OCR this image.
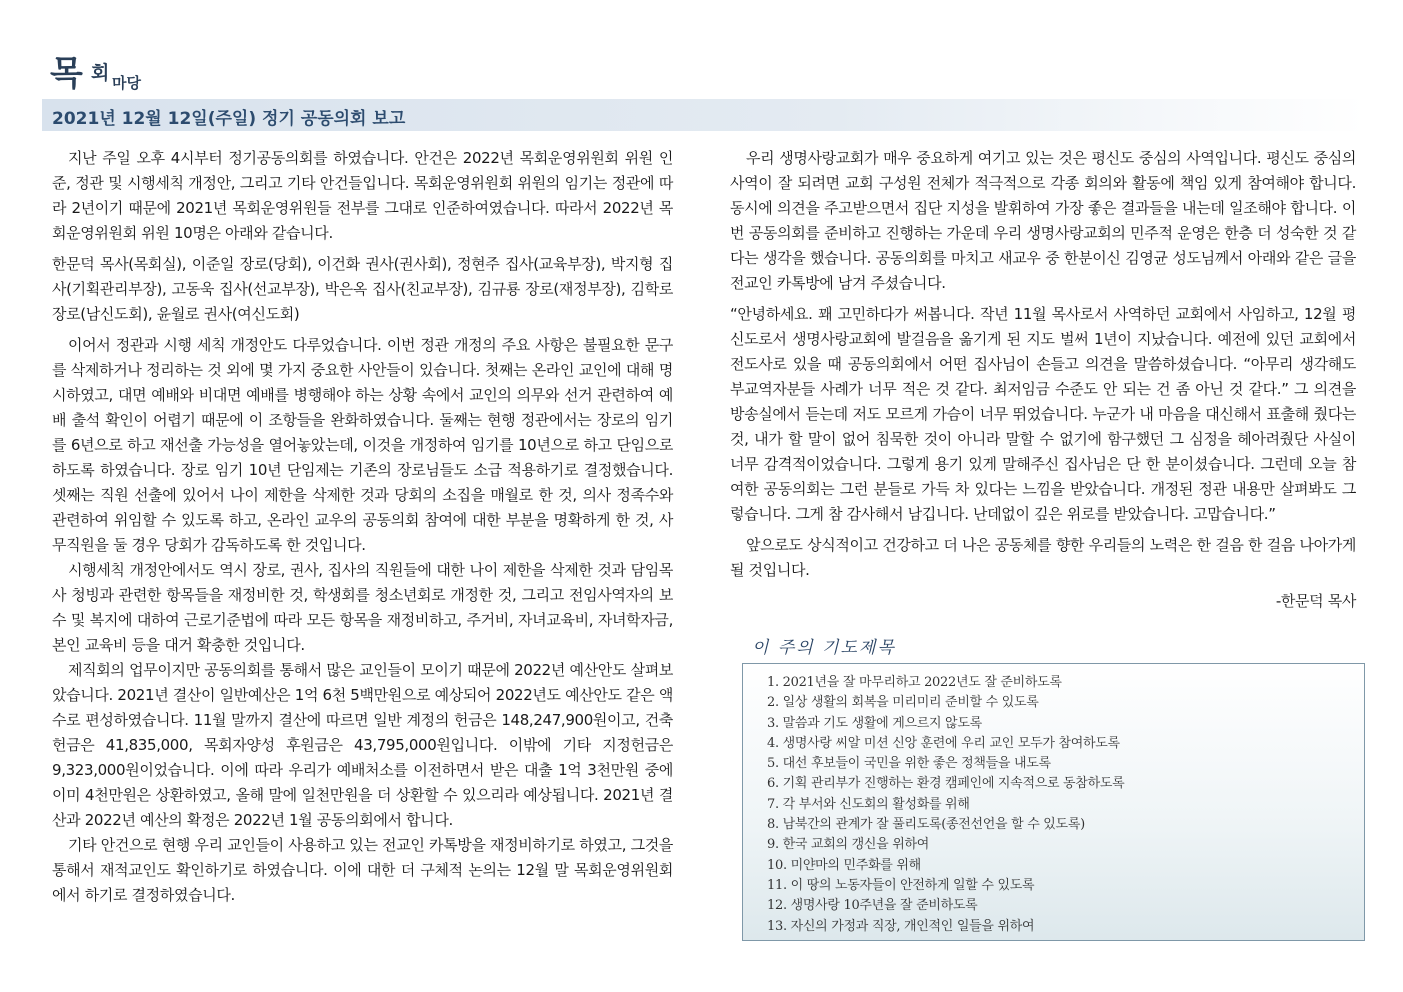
목 회 마당
2021년 12월 12일(주일) 정기 공동의회 보고

지난 주일 오후 4시부터 정기공동의회를 하였습니다. 안건은 2022년 목회운영위원회 위원 인준, 정관 및 시행세칙 개정안, 그리고 기타 안건들입니다. 목회운영위원회 위원의 임기는 정관에 따라 2년이기 때문에 2021년 목회운영위원들 전부를 그대로 인준하여였습니다. 따라서 2022년 목회운영위원회 위원 10명은 아래와 같습니다.

한문덕 목사(목회실), 이준일 장로(당회), 이건화 권사(권사회), 정현주 집사(교육부장), 박지형 집사(기획관리부장), 고동욱 집사(선교부장), 박은옥 집사(친교부장), 김규룡 장로(재정부장), 김학로 장로(남신도회), 윤월로 권사(여신도회)

이어서 정관과 시행 세칙 개정안도 다루었습니다. 이번 정관 개정의 주요 사항은 불필요한 문구를 삭제하거나 정리하는 것 외에 몇 가지 중요한 사안들이 있습니다. 첫째는 온라인 교인에 대해 명시하였고, 대면 예배와 비대면 예배를 병행해야 하는 상황 속에서 교인의 의무와 선거 관련하여 예배 출석 확인이 어렵기 때문에 이 조항들을 완화하였습니다. 둘째는 현행 정관에서는 장로의 임기를 6년으로 하고 재선출 가능성을 열어놓았는데, 이것을 개정하여 임기를 10년으로 하고 단임으로 하도록 하였습니다. 장로 임기 10년 단임제는 기존의 장로님들도 소급 적용하기로 결정했습니다. 셋째는 직원 선출에 있어서 나이 제한을 삭제한 것과 당회의 소집을 매월로 한 것, 의사 정족수와 관련하여 위임할 수 있도록 하고, 온라인 교우의 공동의회 참여에 대한 부분을 명확하게 한 것, 사무직원을 둘 경우 당회가 감독하도록 한 것입니다.

시행세칙 개정안에서도 역시 장로, 권사, 집사의 직원들에 대한 나이 제한을 삭제한 것과 담임목사 청빙과 관련한 항목들을 재정비한 것, 학생회를 청소년회로 개정한 것, 그리고 전임사역자의 보수 및 복지에 대하여 근로기준법에 따라 모든 항목을 재정비하고, 주거비, 자녀교육비, 자녀학자금, 본인 교육비 등을 대거 확충한 것입니다.

제직회의 업무이지만 공동의회를 통해서 많은 교인들이 모이기 때문에 2022년 예산안도 살펴보았습니다. 2021년 결산이 일반예산은 1억 6천 5백만원으로 예상되어 2022년도 예산안도 같은 액수로 편성하였습니다. 11월 말까지 결산에 따르면 일반 계정의 헌금은 148,247,900원이고, 건축헌금은 41,835,000, 목회자양성 후원금은 43,795,000원입니다. 이밖에 기타 지정헌금은 9,323,000원이었습니다. 이에 따라 우리가 예배처소를 이전하면서 받은 대출 1억 3천만원 중에 이미 4천만원은 상환하였고, 올해 말에 일천만원을 더 상환할 수 있으리라 예상됩니다. 2021년 결산과 2022년 예산의 확정은 2022년 1월 공동의회에서 합니다.

기타 안건으로 현행 우리 교인들이 사용하고 있는 전교인 카톡방을 재정비하기로 하였고, 그것을 통해서 재적교인도 확인하기로 하였습니다. 이에 대한 더 구체적 논의는 12월 말 목회운영위원회에서 하기로 결정하였습니다.

우리 생명사랑교회가 매우 중요하게 여기고 있는 것은 평신도 중심의 사역입니다. 평신도 중심의 사역이 잘 되려면 교회 구성원 전체가 적극적으로 각종 회의와 활동에 책임 있게 참여해야 합니다. 동시에 의견을 주고받으면서 집단 지성을 발휘하여 가장 좋은 결과들을 내는데 일조해야 합니다. 이번 공동의회를 준비하고 진행하는 가운데 우리 생명사랑교회의 민주적 운영은 한층 더 성숙한 것 같다는 생각을 했습니다. 공동의회를 마치고 새교우 중 한분이신 김영균 성도님께서 아래와 같은 글을 전교인 카톡방에 남겨 주셨습니다.

“안녕하세요. 꽤 고민하다가 써봅니다. 작년 11월 목사로서 사역하던 교회에서 사임하고, 12월 평신도로서 생명사랑교회에 발걸음을 옮기게 된 지도 벌써 1년이 지났습니다. 예전에 있던 교회에서 전도사로 있을 때 공동의회에서 어떤 집사님이 손들고 의견을 말씀하셨습니다. “아무리 생각해도 부교역자분들 사례가 너무 적은 것 같다. 최저임금 수준도 안 되는 건 좀 아닌 것 같다.” 그 의견을 방송실에서 듣는데 저도 모르게 가슴이 너무 뛰었습니다. 누군가 내 마음을 대신해서 표출해 줬다는 것, 내가 할 말이 없어 침묵한 것이 아니라 말할 수 없기에 함구했던 그 심정을 헤아려줬단 사실이 너무 감격적이었습니다. 그렇게 용기 있게 말해주신 집사님은 단 한 분이셨습니다. 그런데 오늘 참여한 공동의회는 그런 분들로 가득 차 있다는 느낌을 받았습니다. 개정된 정관 내용만 살펴봐도 그렇습니다. 그게 참 감사해서 남깁니다. 난데없이 깊은 위로를 받았습니다. 고맙습니다.”

앞으로도 상식적이고 건강하고 더 나은 공동체를 향한 우리들의 노력은 한 걸음 한 걸음 나아가게 될 것입니다.

-한문덕 목사

이 주의 기도제목
1. 2021년을 잘 마무리하고 2022년도 잘 준비하도록
2. 일상 생활의 회복을 미리미리 준비할 수 있도록
3. 말씀과 기도 생활에 게으르지 않도록
4. 생명사랑 씨알 미션 신앙 훈련에 우리 교인 모두가 참여하도록
5. 대선 후보들이 국민을 위한 좋은 정책들을 내도록
6. 기획 관리부가 진행하는 환경 캠페인에 지속적으로 동참하도록
7. 각 부서와 신도회의 활성화를 위해
8. 남북간의 관계가 잘 풀리도록(종전선언을 할 수 있도록)
9. 한국 교회의 갱신을 위하여
10. 미얀마의 민주화를 위해
11. 이 땅의 노동자들이 안전하게 일할 수 있도록
12. 생명사랑 10주년을 잘 준비하도록
13. 자신의 가정과 직장, 개인적인 일들을 위하여
